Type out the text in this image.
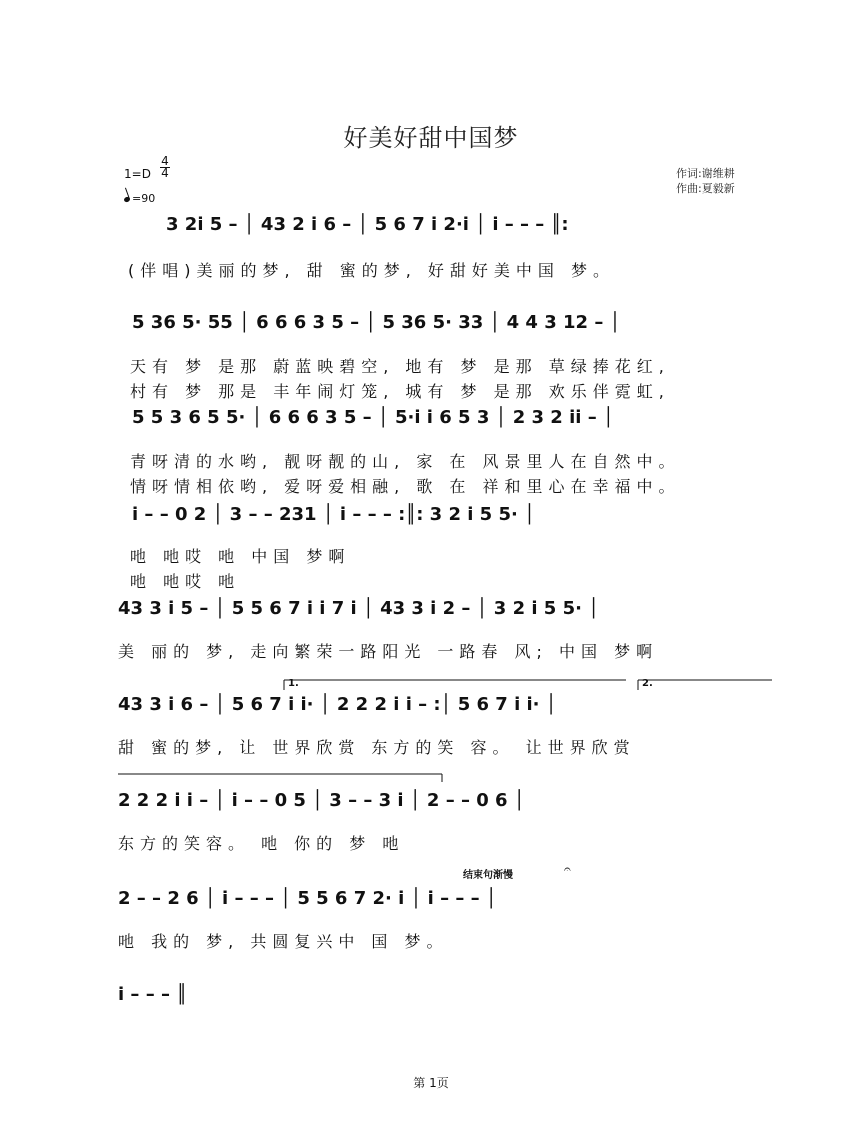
好美好甜中国梦
作词:谢维耕
作曲:夏毅新
1=D
4
4
=90
3 2i 5 – │ 43 2 i 6 – │ 5 6 7 i 2·i │ i – – – ║:
(伴唱)美丽的梦, 甜 蜜的梦, 好甜好美中国 梦。
5 36 5· 55 │ 6 6 6 3 5 – │ 5 36 5· 33 │ 4 4 3 12 – │
天有 梦 是那 蔚蓝映碧空, 地有 梦 是那 草绿捧花红,
村有 梦 那是 丰年闹灯笼, 城有 梦 是那 欢乐伴霓虹,
5 5 3 6 5 5· │ 6 6 6 3 5 – │ 5·i i 6 5 3 │ 2 3 2 ii – │
青呀清的水哟, 靓呀靓的山, 家 在 风景里人在自然中。
情呀情相依哟, 爱呀爱相融, 歌 在 祥和里心在幸福中。
i – – 0 2 │ 3 – – 231 │ i – – – :║: 3 2 i 5 5· │
吔 吔哎 吔 中国 梦啊
吔 吔哎 吔
43 3 i 5 – │ 5 5 6 7 i i 7 i │ 43 3 i 2 – │ 3 2 i 5 5· │
美 丽的 梦, 走向繁荣一路阳光 一路春 风; 中国 梦啊
1.	2.
43 3 i 6 – │ 5 6 7 i i· │ 2 2 2 i i – :│ 5 6 7 i i· │
甜 蜜的梦, 让 世界欣赏 东方的笑 容。 让世界欣赏
2 2 2 i i – │ i – – 0 5 │ 3 – – 3 i │ 2 – – 0 6 │
东方的笑容。 吔 你的 梦 吔
结束句渐慢	𝄐
2 – – 2 6 │ i – – – │ 5 5 6 7 2· i │ i – – – │
吔 我的 梦, 共圆复兴中 国 梦。
i – – – ║
第 1页
